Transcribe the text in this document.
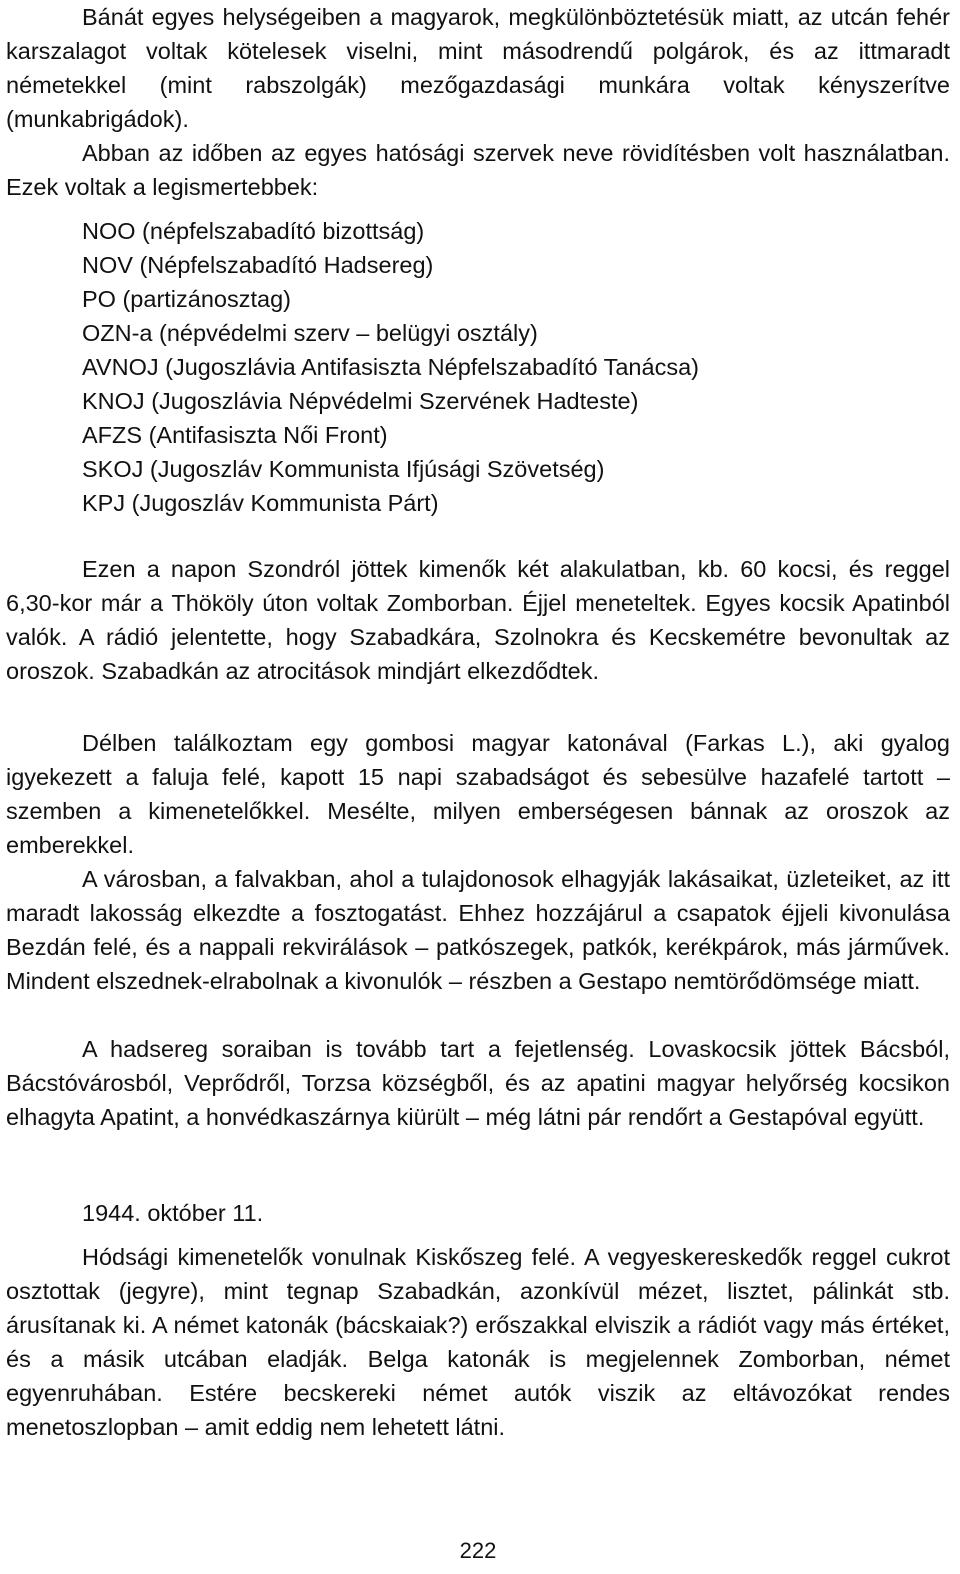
Bánát egyes helységeiben a magyarok, megkülönböztetésük miatt, az utcán fehér karszalagot voltak kötelesek viselni, mint másodrendű polgárok, és az ittmaradt németekkel (mint rabszolgák) mezőgazdasági munkára voltak kényszerítve (munkabrigádok).

Abban az időben az egyes hatósági szervek neve rövidítésben volt használatban. Ezek voltak a legismertebbek:

NOO (népfelszabadító bizottság)
NOV (Népfelszabadító Hadsereg)
PO (partizánosztag)
OZN-a (népvédelmi szerv – belügyi osztály)
AVNOJ (Jugoszlávia Antifasiszta Népfelszabadító Tanácsa)
KNOJ (Jugoszlávia Népvédelmi Szervének Hadteste)
AFZS (Antifasiszta Női Front)
SKOJ (Jugoszláv Kommunista Ifjúsági Szövetség)
KPJ (Jugoszláv Kommunista Párt)

Ezen a napon Szondról jöttek kimenők két alakulatban, kb. 60 kocsi, és reggel 6,30-kor már a Thököly úton voltak Zomborban. Éjjel meneteltek. Egyes kocsik Apatinból valók. A rádió jelentette, hogy Szabadkára, Szolnokra és Kecskemétre bevonultak az oroszok. Szabadkán az atrocitások mindjárt elkezdődtek.

Délben találkoztam egy gombosi magyar katonával (Farkas L.), aki gyalog igyekezett a faluja felé, kapott 15 napi szabadságot és sebesülve hazafelé tartott – szemben a kimenetelőkkel. Mesélte, milyen emberségesen bánnak az oroszok az emberekkel.

A városban, a falvakban, ahol a tulajdonosok elhagyják lakásaikat, üzleteiket, az itt maradt lakosság elkezdte a fosztogatást. Ehhez hozzájárul a csapatok éjjeli kivonulása Bezdán felé, és a nappali rekvirálások – patkószegek, patkók, kerékpárok, más járművek. Mindent elszednek-elrabolnak a kivonulók – részben a Gestapo nemtörődömsége miatt.

A hadsereg soraiban is tovább tart a fejetlenség. Lovaskocsik jöttek Bácsból, Bácstóvárosból, Veprődről, Torzsa községből, és az apatini magyar helyőrség kocsikon elhagyta Apatint, a honvédkaszárnya kiürült – még látni pár rendőrt a Gestapóval együtt.

1944. október 11.

Hódsági kimenetelők vonulnak Kiskőszeg felé. A vegyeskereskedők reggel cukrot osztottak (jegyre), mint tegnap Szabadkán, azonkívül mézet, lisztet, pálinkát stb. árusítanak ki. A német katonák (bácskaiak?) erőszakkal elviszik a rádiót vagy más értéket, és a másik utcában eladják. Belga katonák is megjelennek Zomborban, német egyenruhában. Estére becskereki német autók viszik az eltávozókat rendes menetoszlopban – amit eddig nem lehetett látni.

222
